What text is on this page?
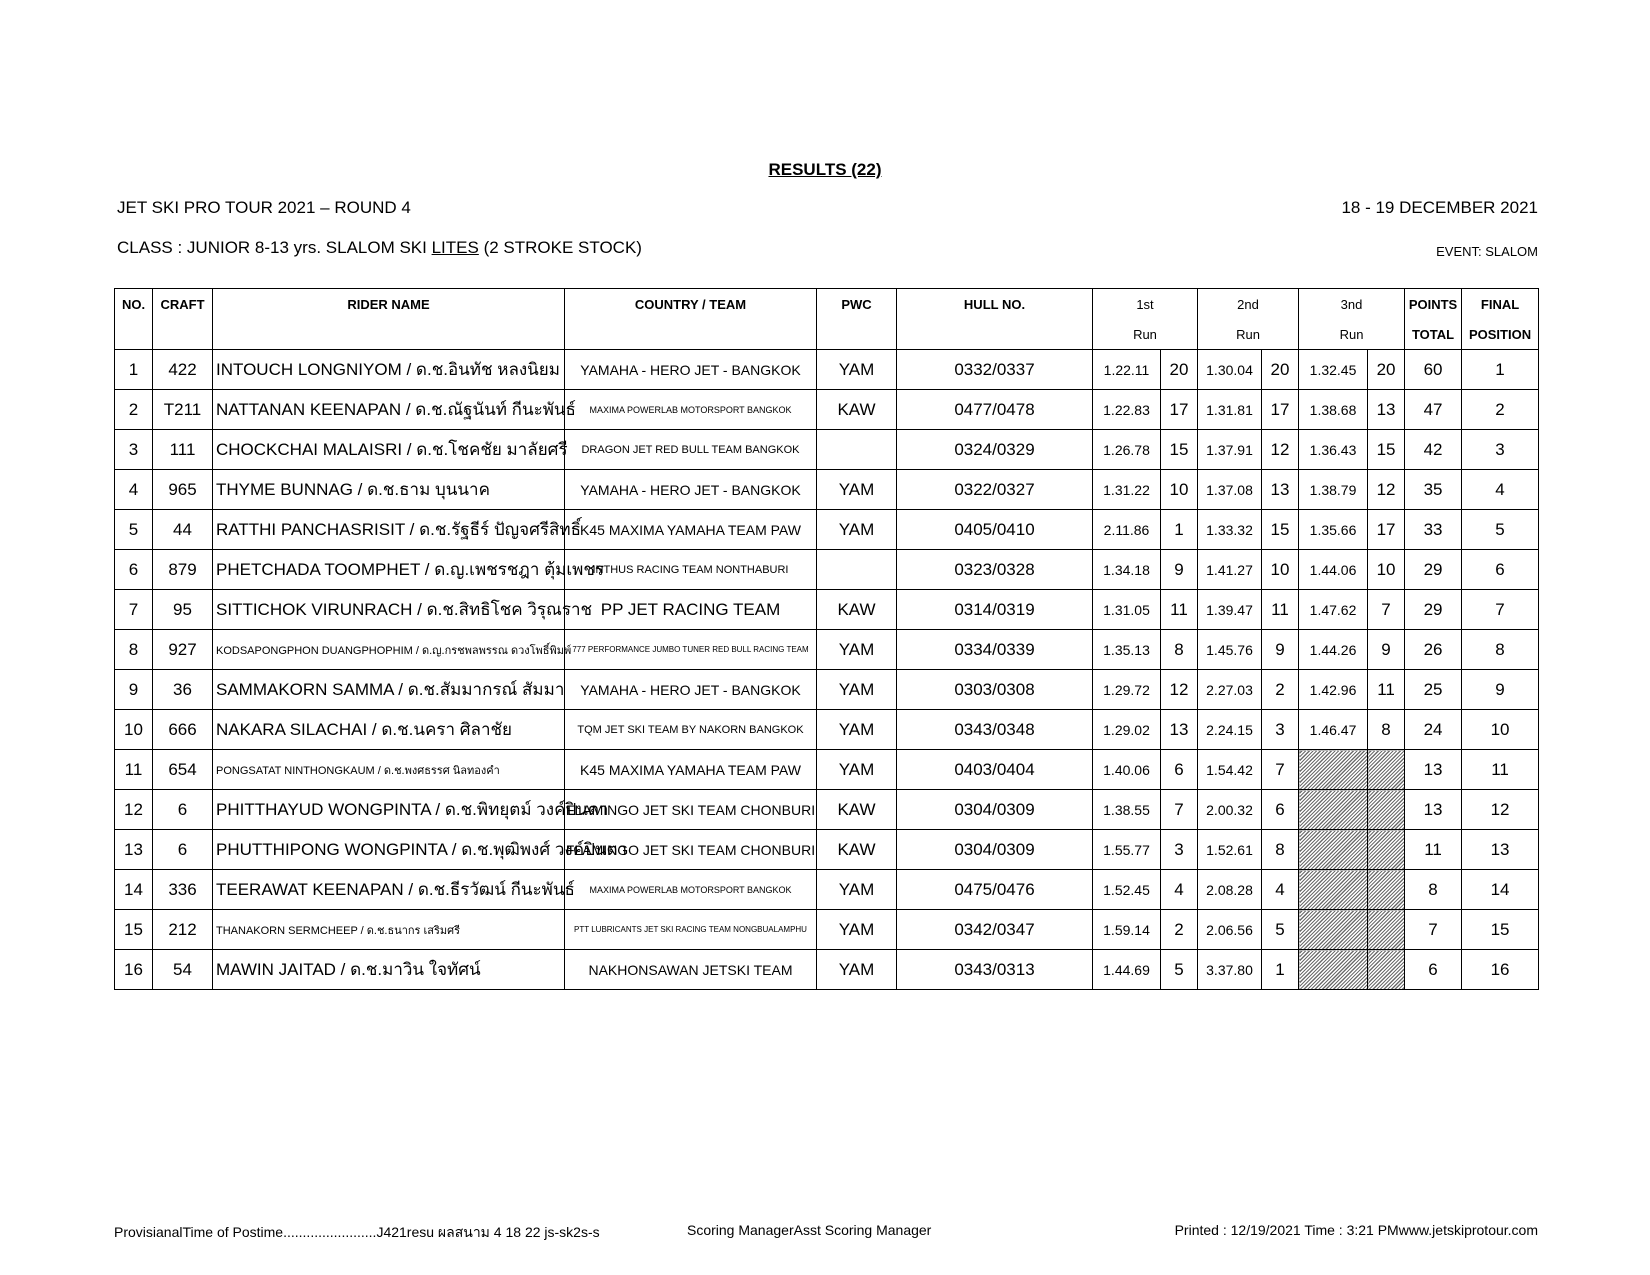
RESULTS (22)
JET SKI PRO TOUR 2021 – ROUND 4	18 - 19 DECEMBER 2021
CLASS : JUNIOR 8-13 yrs. SLALOM SKI LITES (2 STROKE STOCK)	EVENT: SLALOM
NO.	CRAFT	RIDER NAME	COUNTRY / TEAM	PWC	HULL NO.	1st		2nd		3nd		POINTS	FINAL
						Run		Run		Run		TOTAL	POSITION
1	422	INTOUCH LONGNIYOM / ด.ช.อินทัช หลงนิยม	YAMAHA - HERO JET - BANGKOK	YAM	0332/0337	1.22.11	20	1.30.04	20	1.32.45	20	60	1
2	T211	NATTANAN KEENAPAN / ด.ช.ณัฐนันท์ กีนะพันธ์	MAXIMA POWERLAB MOTORSPORT BANGKOK	KAW	0477/0478	1.22.83	17	1.31.81	17	1.38.68	13	47	2
3	111	CHOCKCHAI MALAISRI / ด.ช.โชคชัย มาลัยศรี	DRAGON JET RED BULL TEAM BANGKOK		0324/0329	1.26.78	15	1.37.91	12	1.36.43	15	42	3
4	965	THYME BUNNAG / ด.ช.ธาม บุนนาค	YAMAHA - HERO JET - BANGKOK	YAM	0322/0327	1.31.22	10	1.37.08	13	1.38.79	12	35	4
5	44	RATTHI PANCHASRISIT / ด.ช.รัฐธีร์ ปัญจศรีสิทธิ์	K45 MAXIMA YAMAHA TEAM PAW	YAM	0405/0410	2.11.86	1	1.33.32	15	1.35.66	17	33	5
6	879	PHETCHADA TOOMPHET / ด.ญ.เพชรชฎา ตุ้มเพชร	INTHUS RACING TEAM NONTHABURI		0323/0328	1.34.18	9	1.41.27	10	1.44.06	10	29	6
7	95	SITTICHOK VIRUNRACH / ด.ช.สิทธิโชค วิรุณราช	PP JET RACING TEAM	KAW	0314/0319	1.31.05	11	1.39.47	11	1.47.62	7	29	7
8	927	KODSAPONGPHON DUANGPHOPHIM / ด.ญ.กรชพลพรรณ ดวงโพธิ์พิมพ์	777 PERFORMANCE JUMBO TUNER RED BULL RACING TEAM	YAM	0334/0339	1.35.13	8	1.45.76	9	1.44.26	9	26	8
9	36	SAMMAKORN SAMMA / ด.ช.สัมมากรณ์ สัมมา	YAMAHA - HERO JET - BANGKOK	YAM	0303/0308	1.29.72	12	2.27.03	2	1.42.96	11	25	9
10	666	NAKARA SILACHAI / ด.ช.นครา ศิลาชัย	TQM JET SKI TEAM BY NAKORN BANGKOK	YAM	0343/0348	1.29.02	13	2.24.15	3	1.46.47	8	24	10
11	654	PONGSATAT NINTHONGKAUM / ด.ช.พงศธรรศ นิลทองคำ	K45 MAXIMA YAMAHA TEAM PAW	YAM	0403/0404	1.40.06	6	1.54.42	7			13	11
12	6	PHITTHAYUD WONGPINTA / ด.ช.พิทยุตม์ วงค์ปินตา	FLAMINGO JET SKI TEAM CHONBURI	KAW	0304/0309	1.38.55	7	2.00.32	6			13	12
13	6	PHUTTHIPONG WONGPINTA / ด.ช.พุฒิพงศ์ วงค์ปินตา	FLAMINGO JET SKI TEAM CHONBURI	KAW	0304/0309	1.55.77	3	1.52.61	8			11	13
14	336	TEERAWAT KEENAPAN / ด.ช.ธีรวัฒน์ กีนะพันธ์	MAXIMA POWERLAB MOTORSPORT BANGKOK	YAM	0475/0476	1.52.45	4	2.08.28	4			8	14
15	212	THANAKORN SERMCHEEP / ด.ช.ธนากร เสริมศรี	PTT LUBRICANTS JET SKI RACING TEAM NONGBUALAMPHU	YAM	0342/0347	1.59.14	2	2.06.56	5			7	15
16	54	MAWIN JAITAD / ด.ช.มาวิน ใจทัศน์	NAKHONSAWAN JETSKI TEAM	YAM	0343/0313	1.44.69	5	3.37.80	1			6	16
ProvisianalTime of Postime........................J421resu ผลสนาม 4 18 22 js-sk2s-s	Scoring ManagerAsst Scoring Manager	Printed : 12/19/2021 Time : 3:21 PMwww.jetskiprotour.com
